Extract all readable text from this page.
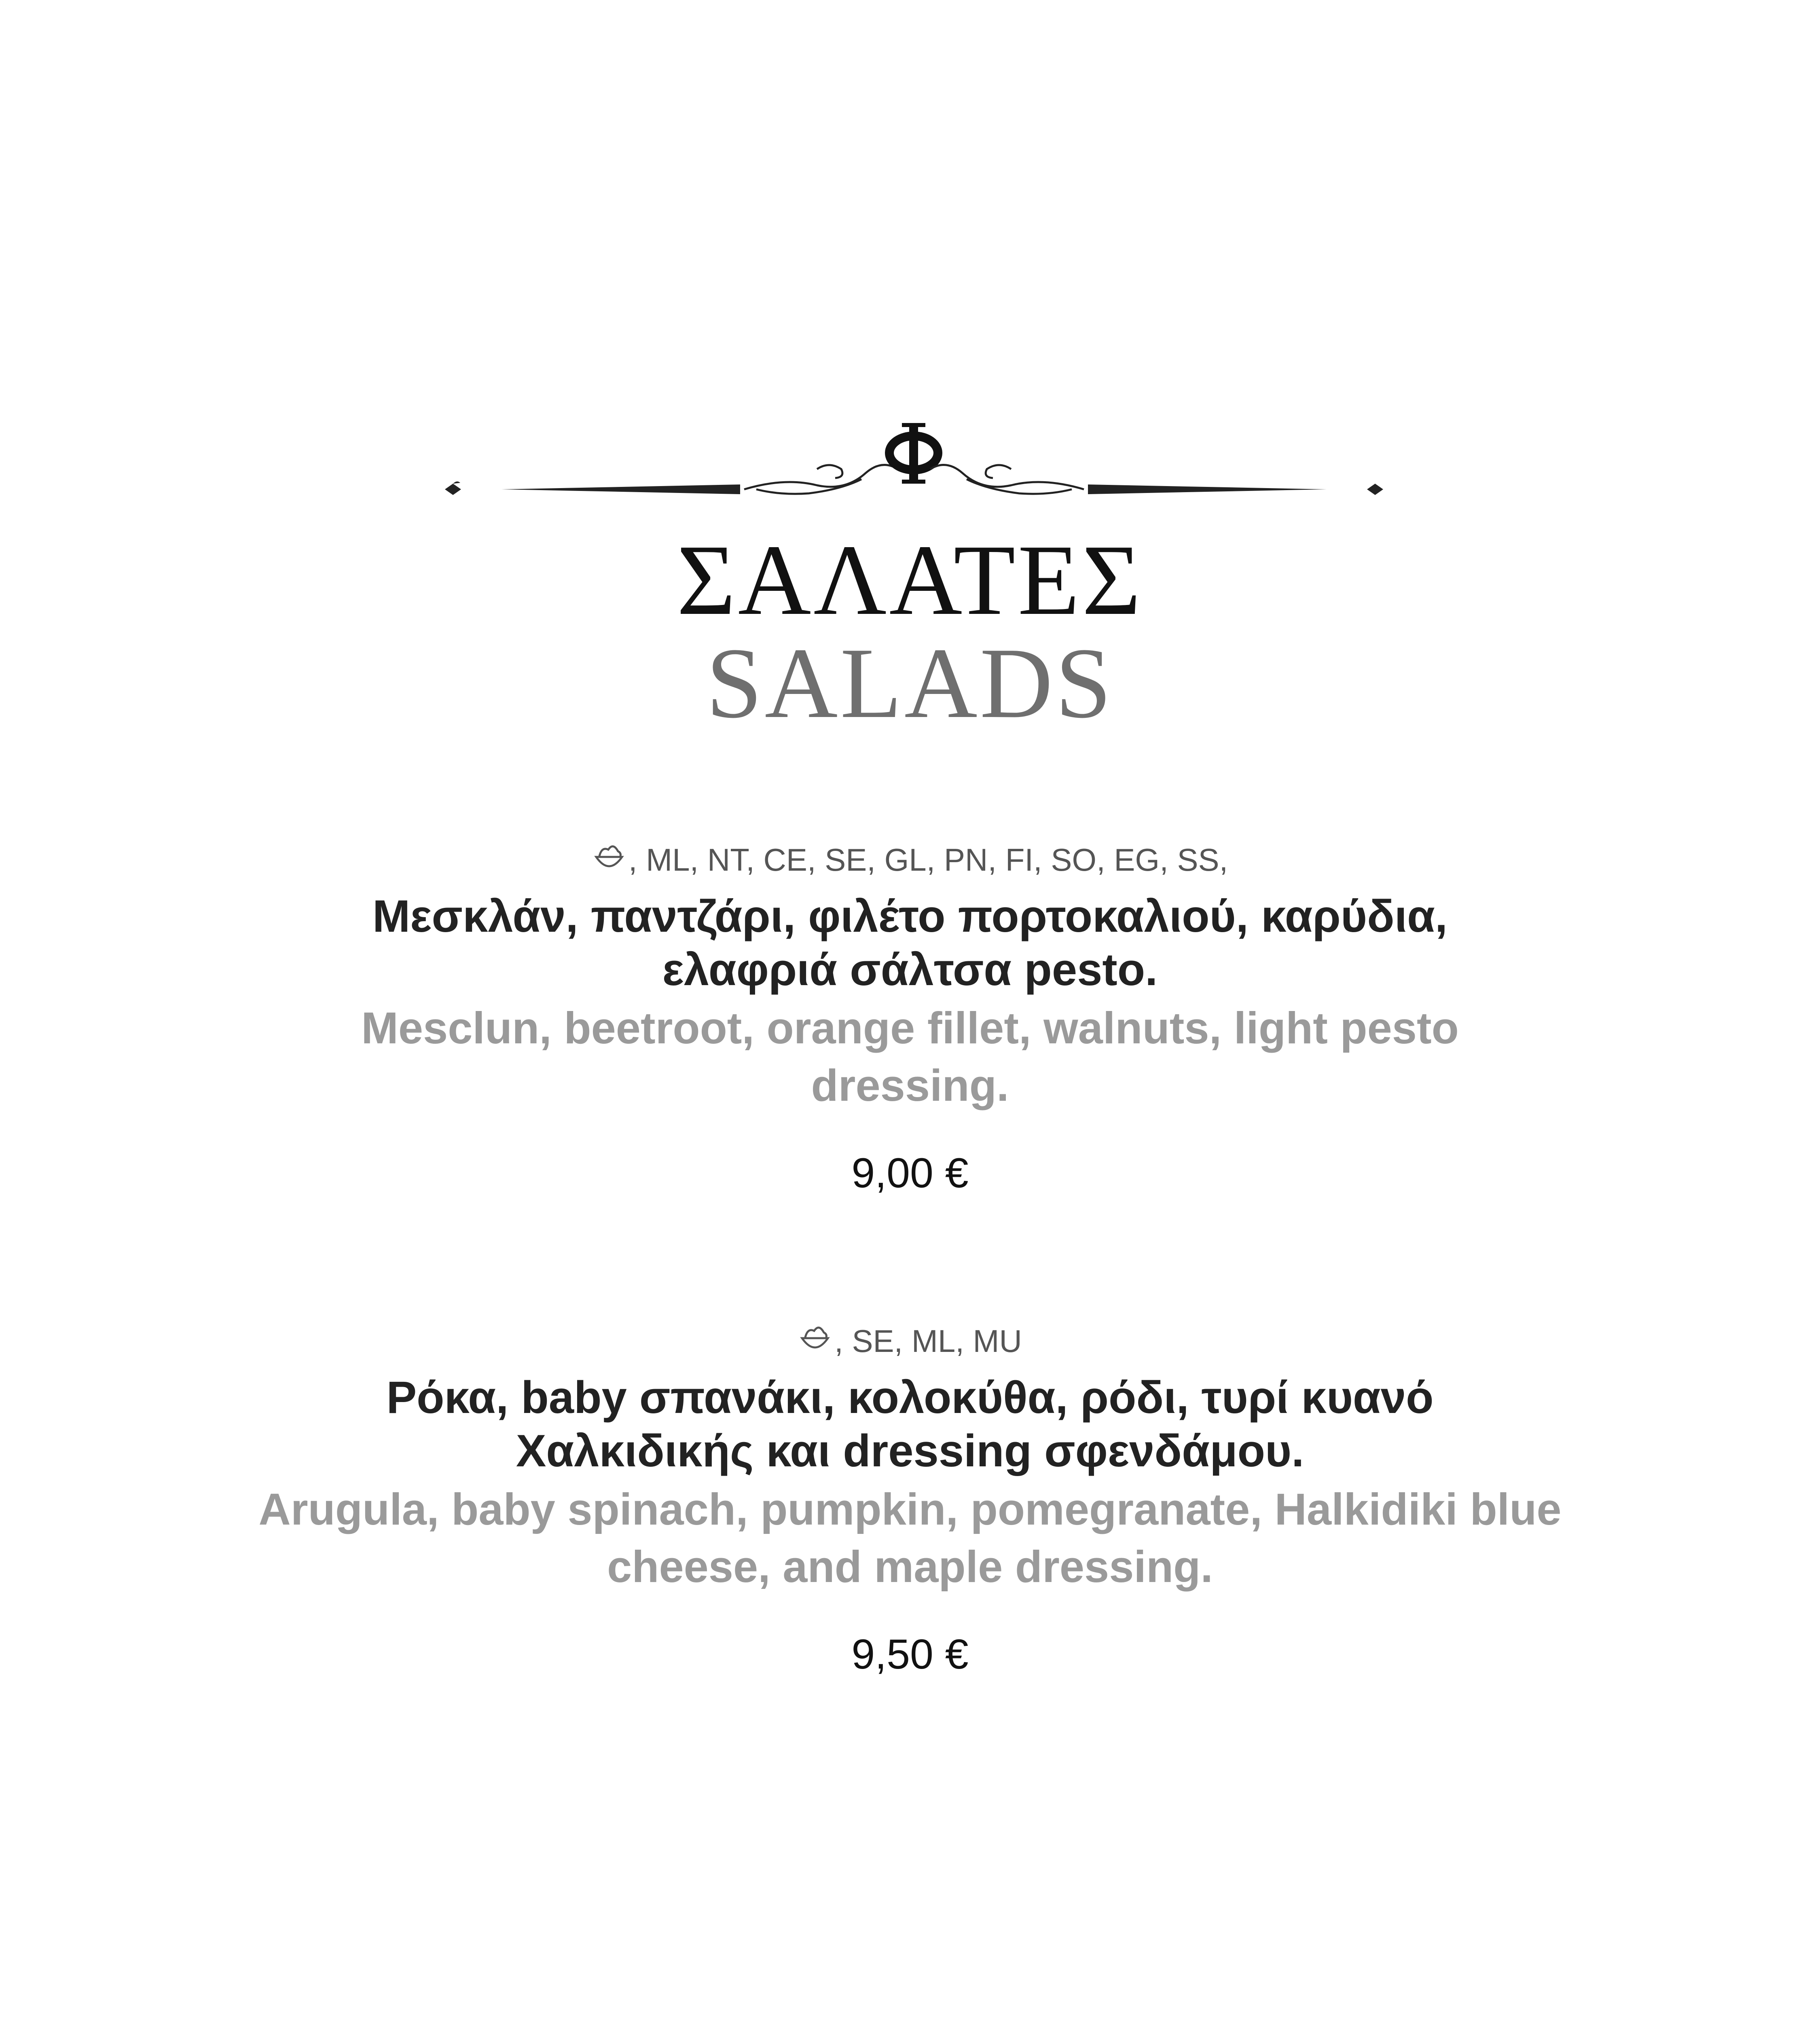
ΣΑΛΑΤΕΣ
SALADS
, ML, NT, CE, SE, GL, PN, FI, SO, EG, SS,
Μεσκλάν, παντζάρι, φιλέτο πορτοκαλιού, καρύδια, ελαφριά σάλτσα pesto.
Mesclun, beetroot, orange fillet, walnuts, light pesto dressing.
9,00 €
, SE, ML, MU
Ρόκα, baby σπανάκι, κολοκύθα, ρόδι, τυρί κυανό Χαλκιδικής και dressing σφενδάμου.
Arugula, baby spinach, pumpkin, pomegranate, Halkidiki blue cheese, and maple dressing.
9,50 €
